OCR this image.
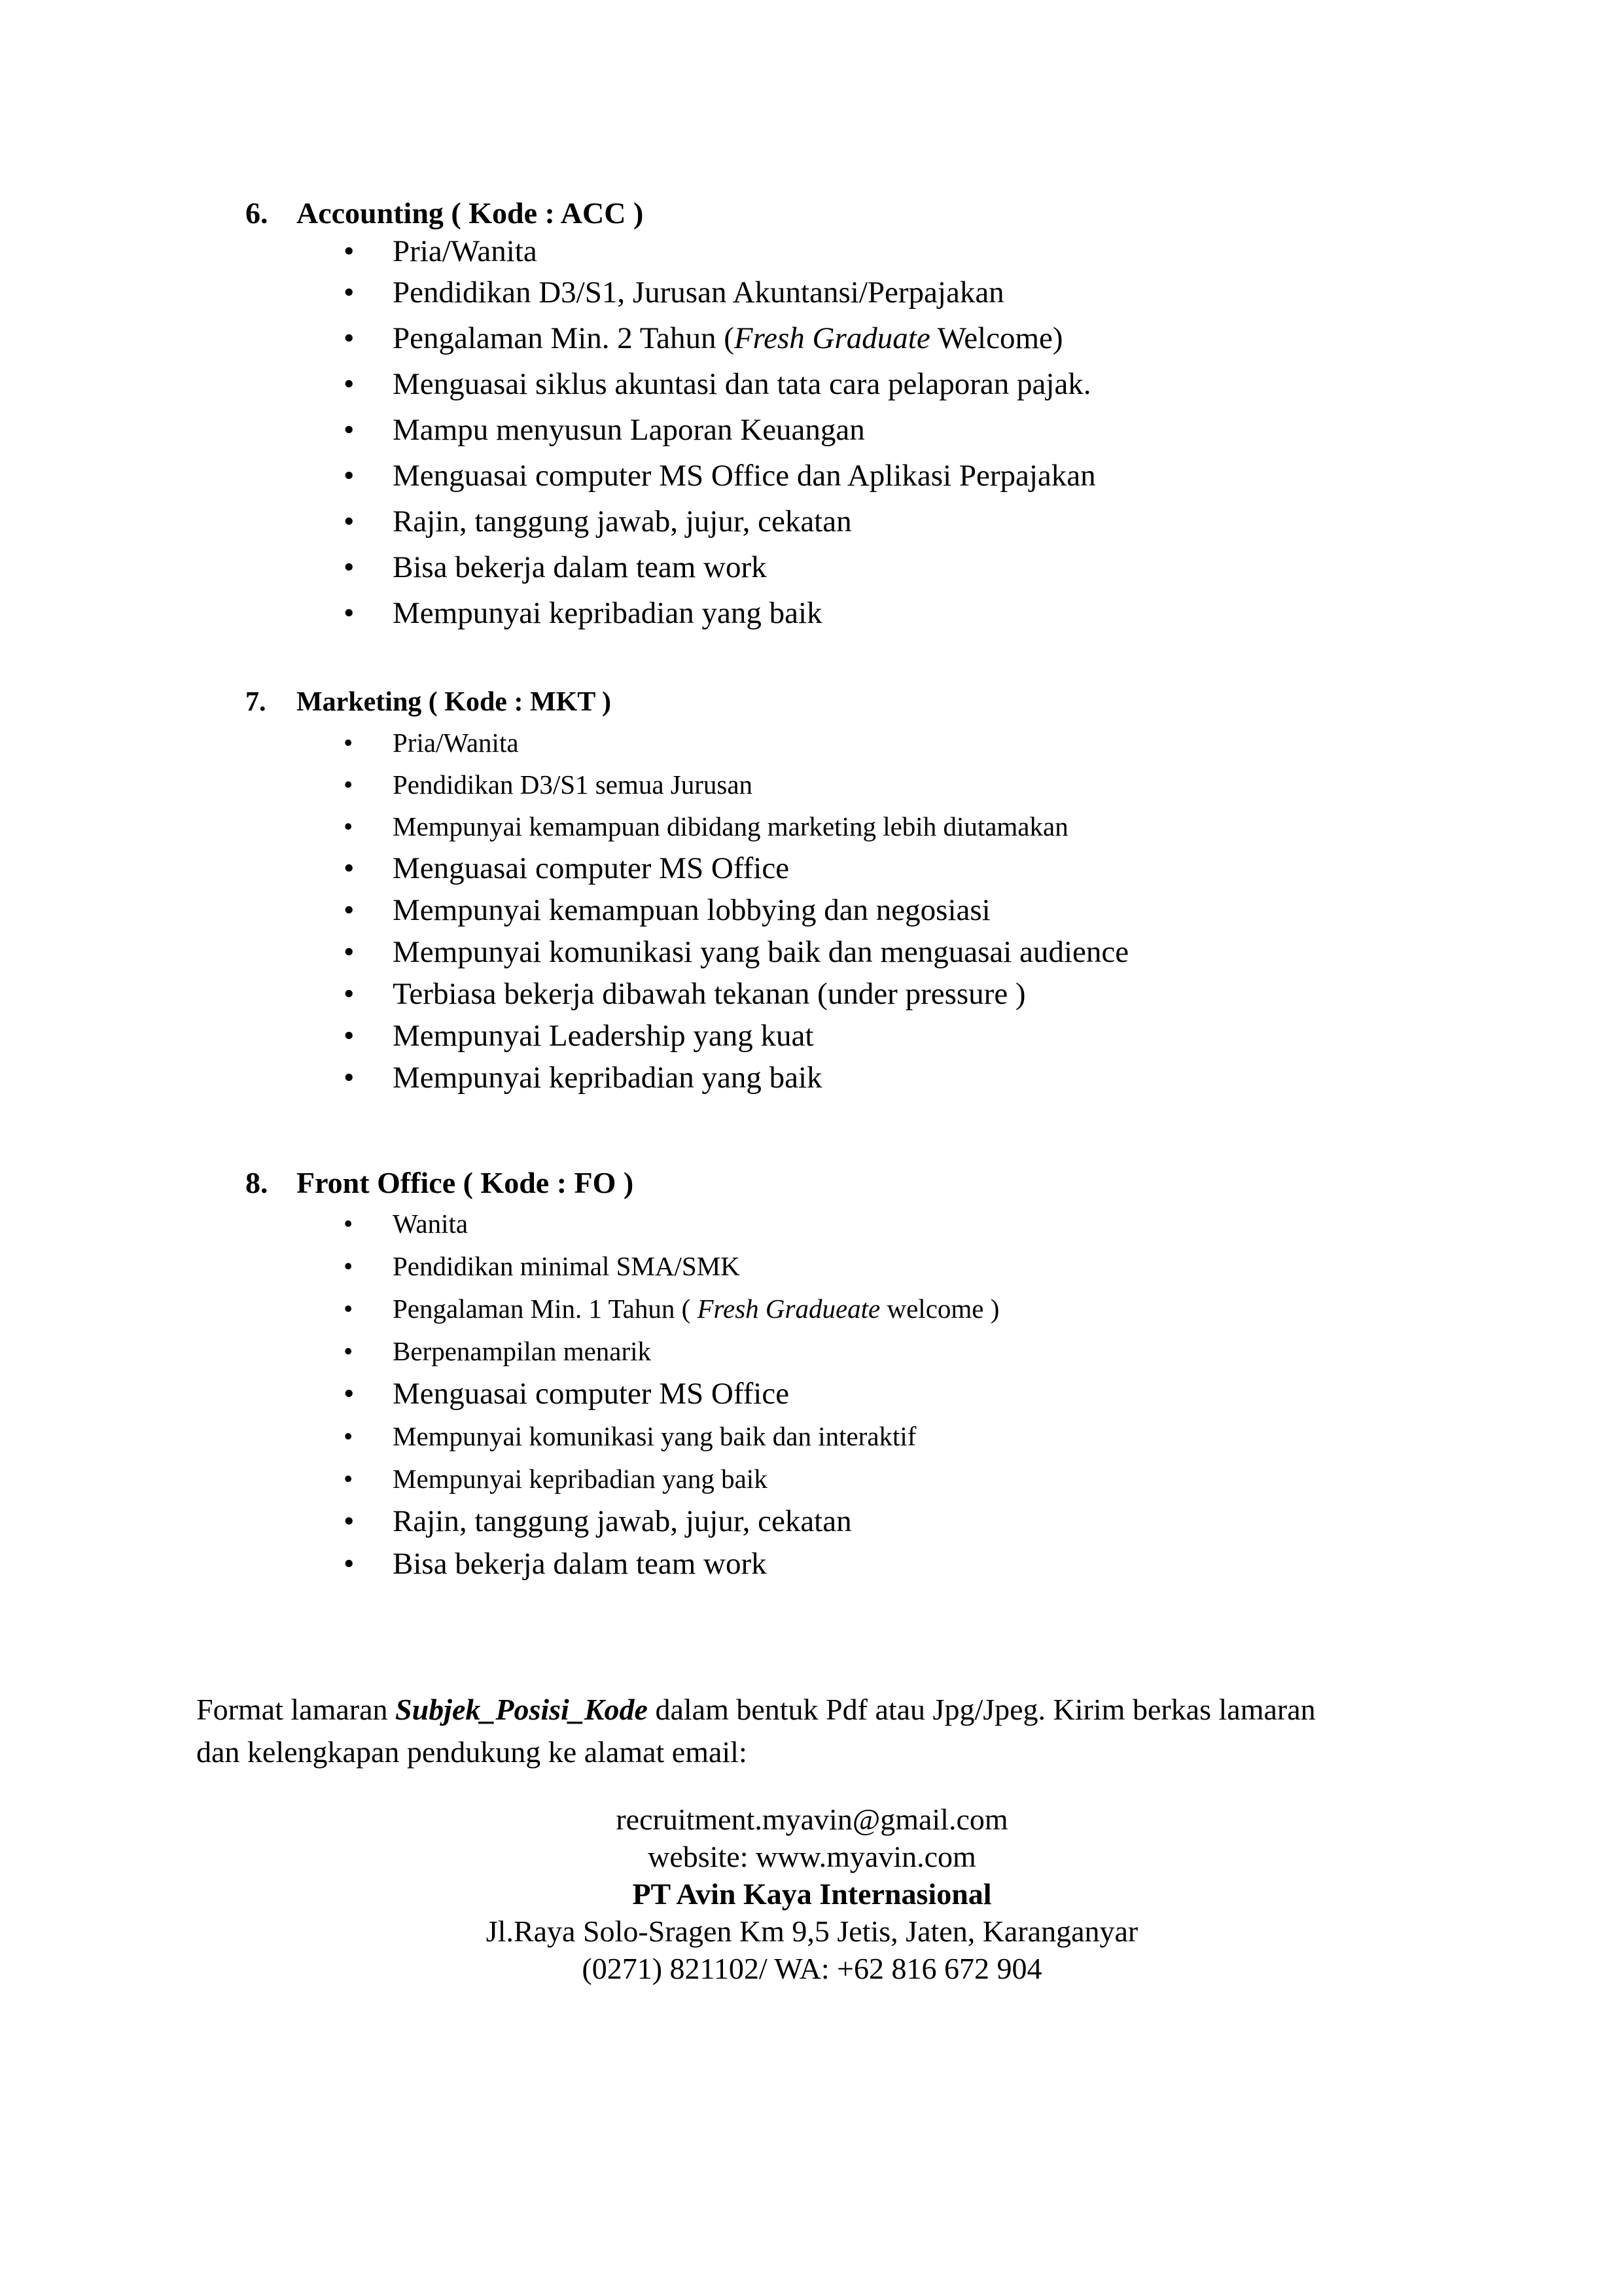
6. Accounting ( Kode : ACC )
• Pria/Wanita
• Pendidikan D3/S1, Jurusan Akuntansi/Perpajakan
• Pengalaman Min. 2 Tahun (Fresh Graduate Welcome)
• Menguasai siklus akuntasi dan tata cara pelaporan pajak.
• Mampu menyusun Laporan Keuangan
• Menguasai computer MS Office dan Aplikasi Perpajakan
• Rajin, tanggung jawab, jujur, cekatan
• Bisa bekerja dalam team work
• Mempunyai kepribadian yang baik
7. Marketing ( Kode : MKT )
• Pria/Wanita
• Pendidikan D3/S1 semua Jurusan
• Mempunyai kemampuan dibidang marketing lebih diutamakan
• Menguasai computer MS Office
• Mempunyai kemampuan lobbying dan negosiasi
• Mempunyai komunikasi yang baik dan menguasai audience
• Terbiasa bekerja dibawah tekanan (under pressure )
• Mempunyai Leadership yang kuat
• Mempunyai kepribadian yang baik
8. Front Office ( Kode : FO )
• Wanita
• Pendidikan minimal SMA/SMK
• Pengalaman Min. 1 Tahun ( Fresh Gradueate welcome )
• Berpenampilan menarik
• Menguasai computer MS Office
• Mempunyai komunikasi yang baik dan interaktif
• Mempunyai kepribadian yang baik
• Rajin, tanggung jawab, jujur, cekatan
• Bisa bekerja dalam team work

Format lamaran Subjek_Posisi_Kode dalam bentuk Pdf atau Jpg/Jpeg. Kirim berkas lamaran

dan kelengkapan pendukung ke alamat email:

recruitment.myavin@gmail.com
website: www.myavin.com
PT Avin Kaya Internasional
Jl.Raya Solo-Sragen Km 9,5 Jetis, Jaten, Karanganyar
(0271) 821102/ WA: +62 816 672 904
